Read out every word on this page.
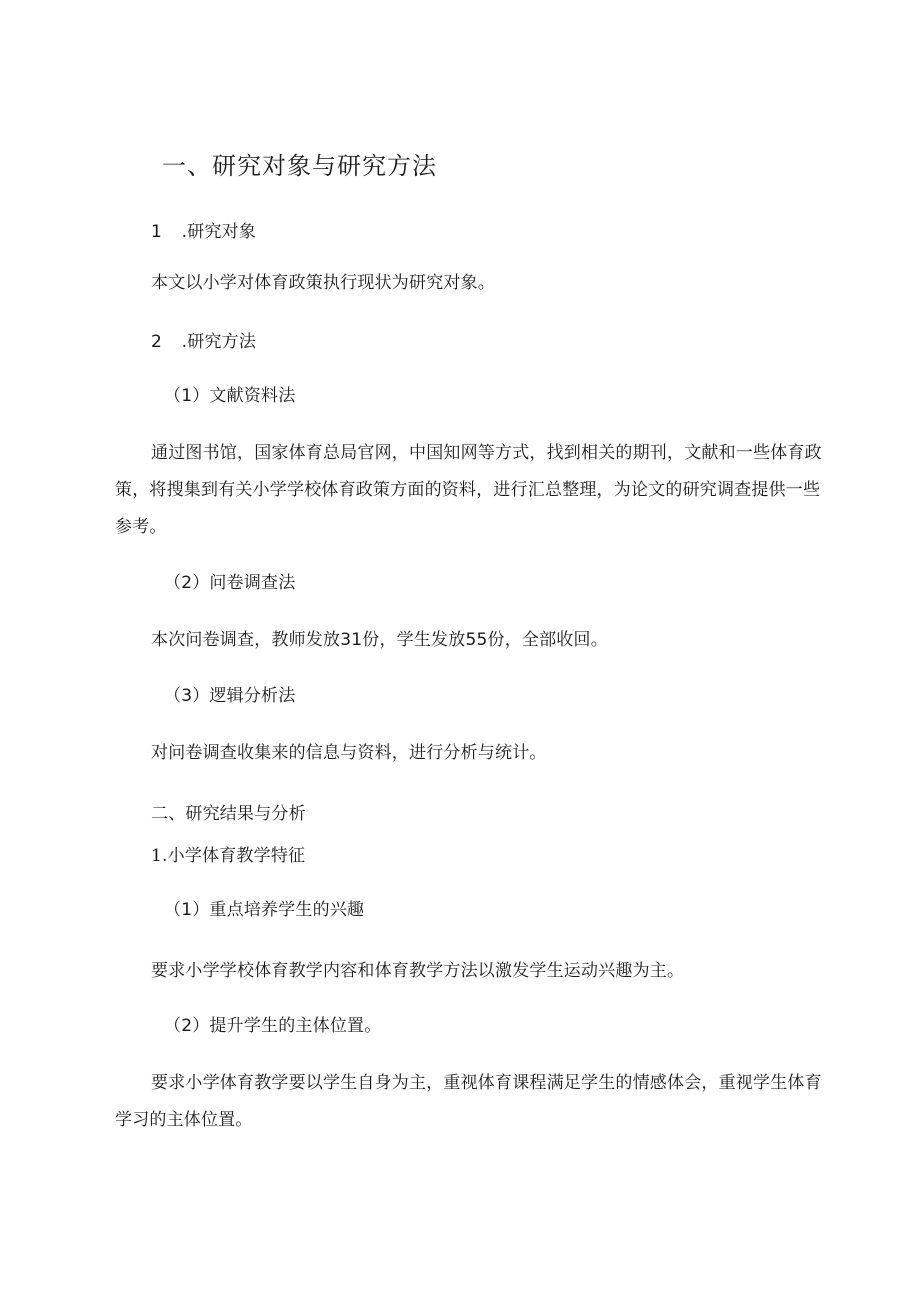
一、研究对象与研究方法
1 .研究对象
本文以小学对体育政策执行现状为研究对象。
2 .研究方法
（1）文献资料法
通过图书馆，国家体育总局官网，中国知网等方式，找到相关的期刊，文献和一些体育政
策，将搜集到有关小学学校体育政策方面的资料，进行汇总整理，为论文的研究调查提供一些
参考。
（2）问卷调查法
本次问卷调查，教师发放31份，学生发放55份，全部收回。
（3）逻辑分析法
对问卷调查收集来的信息与资料，进行分析与统计。
二、研究结果与分析
1.小学体育教学特征
（1）重点培养学生的兴趣
要求小学学校体育教学内容和体育教学方法以激发学生运动兴趣为主。
（2）提升学生的主体位置。
要求小学体育教学要以学生自身为主，重视体育课程满足学生的情感体会，重视学生体育
学习的主体位置。
